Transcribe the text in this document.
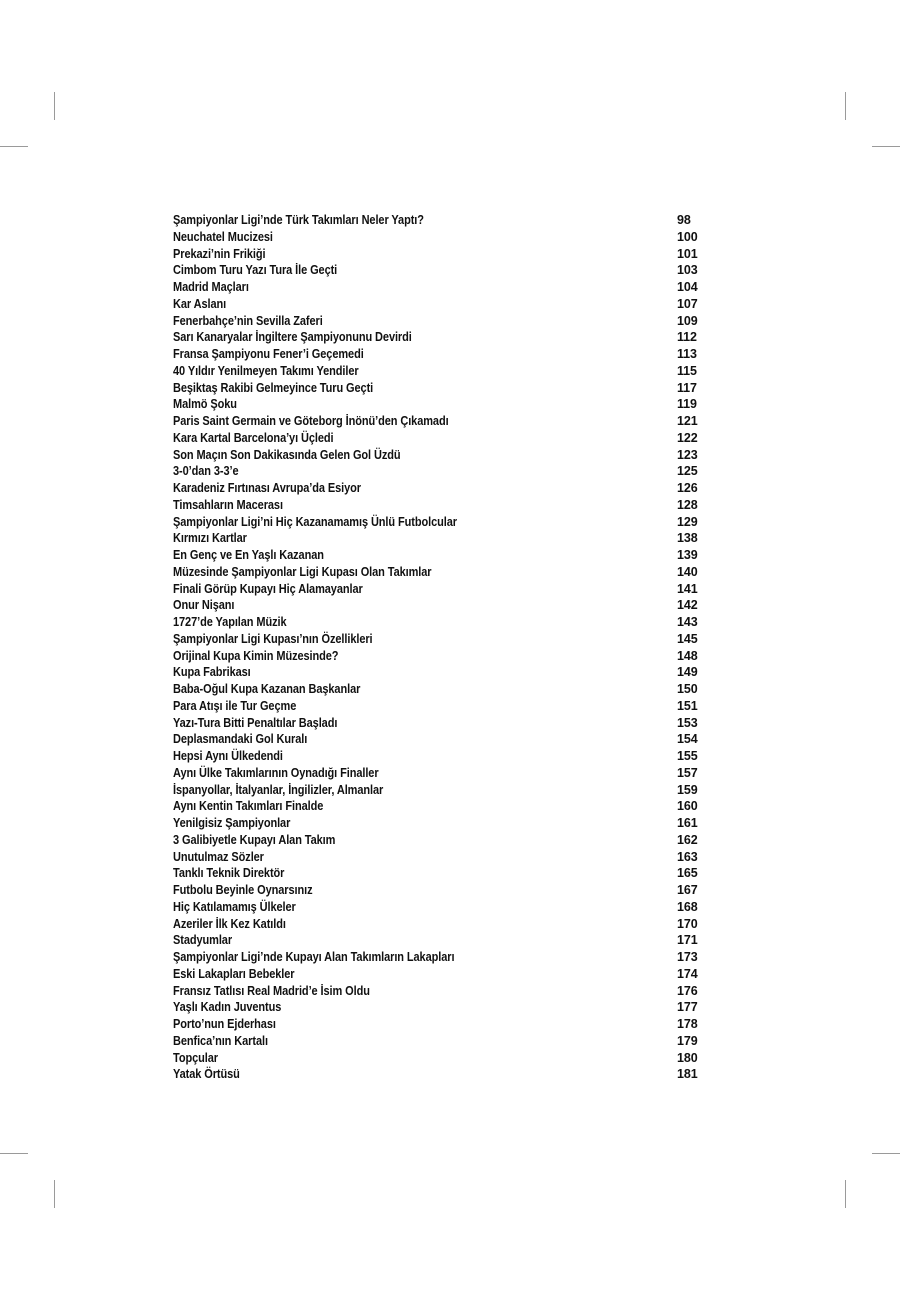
Şampiyonlar Ligi’nde Türk Takımları Neler Yaptı?	98
Neuchatel Mucizesi	100
Prekazi’nin Frikiği	101
Cimbom Turu Yazı Tura İle Geçti	103
Madrid Maçları	104
Kar Aslanı	107
Fenerbahçe’nin Sevilla Zaferi	109
Sarı Kanaryalar İngiltere Şampiyonunu Devirdi	112
Fransa Şampiyonu Fener’i Geçemedi	113
40 Yıldır Yenilmeyen Takımı Yendiler	115
Beşiktaş Rakibi Gelmeyince Turu Geçti	117
Malmö Şoku	119
Paris Saint Germain ve Göteborg İnönü’den Çıkamadı	121
Kara Kartal Barcelona’yı Üçledi	122
Son Maçın Son Dakikasında Gelen Gol Üzdü	123
3-0’dan 3-3’e	125
Karadeniz Fırtınası Avrupa’da Esiyor	126
Timsahların Macerası	128
Şampiyonlar Ligi’ni Hiç Kazanamamış Ünlü Futbolcular	129
Kırmızı Kartlar	138
En Genç ve En Yaşlı Kazanan	139
Müzesinde Şampiyonlar Ligi Kupası Olan Takımlar	140
Finali Görüp Kupayı Hiç Alamayanlar	141
Onur Nişanı	142
1727’de Yapılan Müzik	143
Şampiyonlar Ligi Kupası’nın Özellikleri	145
Orijinal Kupa Kimin Müzesinde?	148
Kupa Fabrikası	149
Baba-Oğul Kupa Kazanan Başkanlar	150
Para Atışı ile Tur Geçme	151
Yazı-Tura Bitti Penaltılar Başladı	153
Deplasmandaki Gol Kuralı	154
Hepsi Aynı Ülkedendi	155
Aynı Ülke Takımlarının Oynadığı Finaller	157
İspanyollar, İtalyanlar, İngilizler, Almanlar	159
Aynı Kentin Takımları Finalde	160
Yenilgisiz Şampiyonlar	161
3 Galibiyetle Kupayı Alan Takım	162
Unutulmaz Sözler	163
Tanklı Teknik Direktör	165
Futbolu Beyinle Oynarsınız	167
Hiç Katılamamış Ülkeler	168
Azeriler İlk Kez Katıldı	170
Stadyumlar	171
Şampiyonlar Ligi’nde Kupayı Alan Takımların Lakapları	173
Eski Lakapları Bebekler	174
Fransız Tatlısı Real Madrid’e İsim Oldu	176
Yaşlı Kadın Juventus	177
Porto’nun Ejderhası	178
Benfica’nın Kartalı	179
Topçular	180
Yatak Örtüsü	181
